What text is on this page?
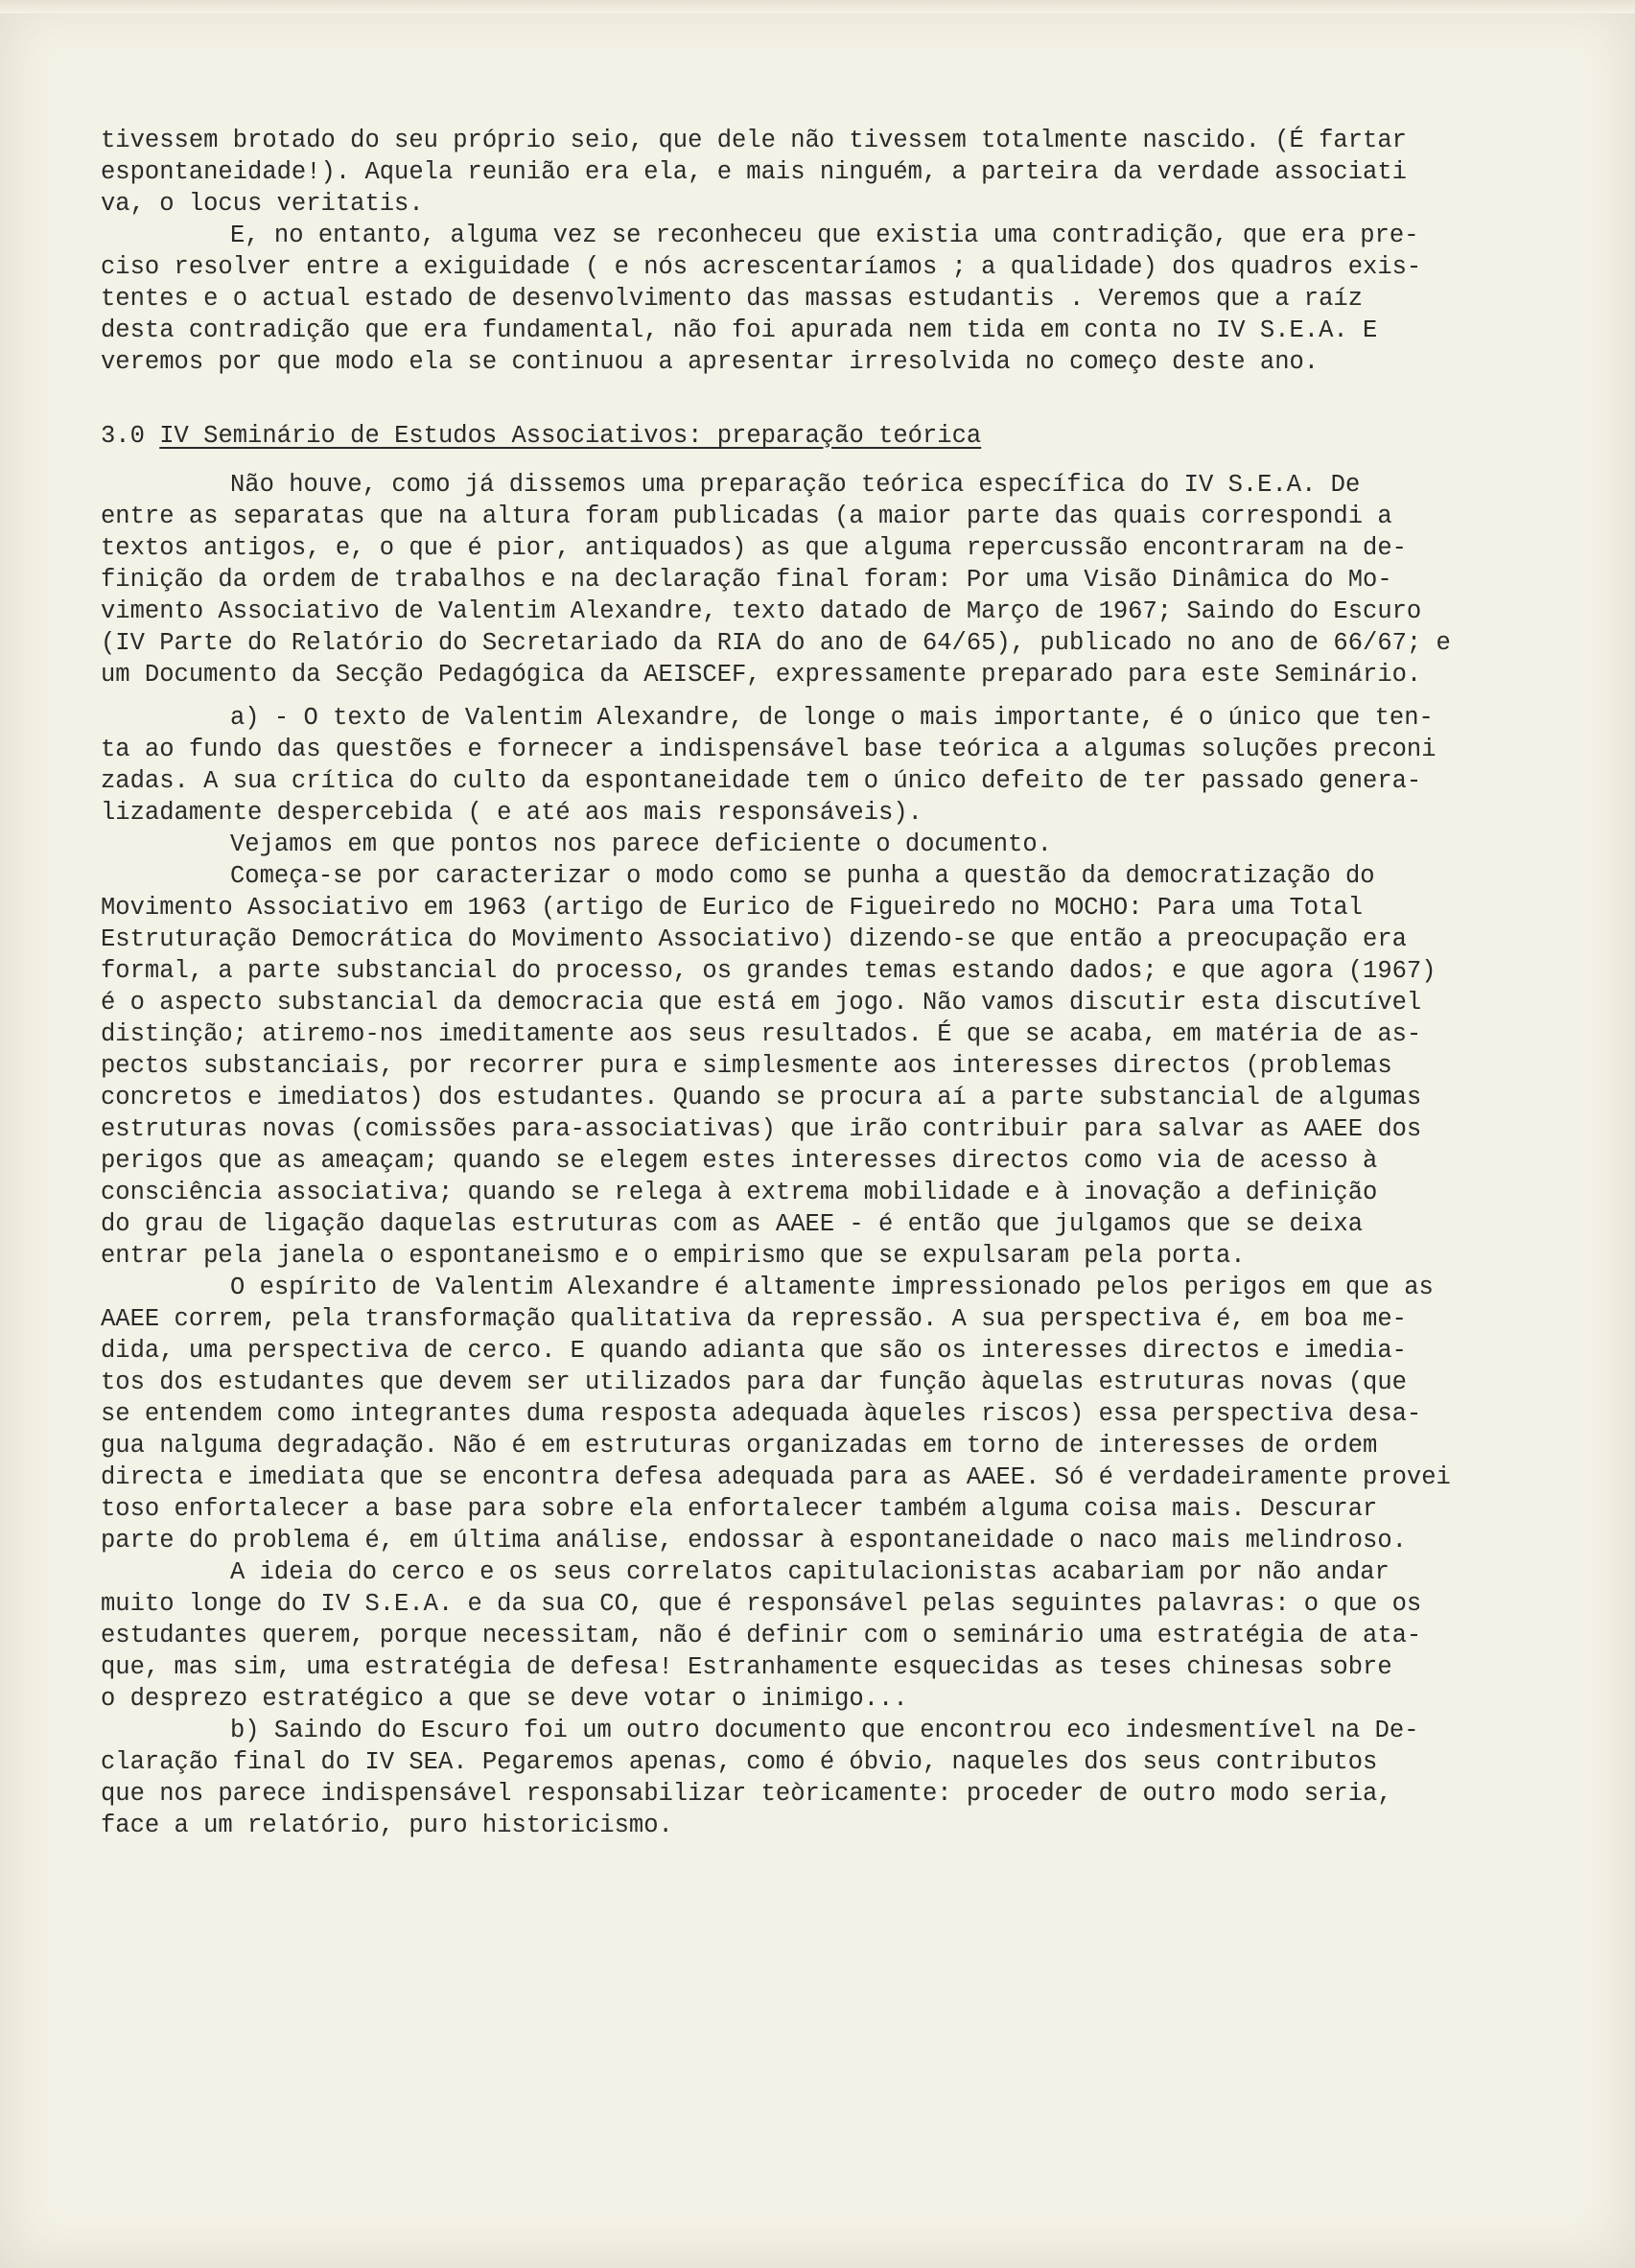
tivessem brotado do seu próprio seio, que dele não tivessem totalmente nascido. (É fartar
espontaneidade!). Aquela reunião era ela, e mais ninguém, a parteira da verdade associati
va, o locus veritatis.
E, no entanto, alguma vez se reconheceu que existia uma contradição, que era pre-
ciso resolver entre a exiguidade ( e nós acrescentaríamos ; a qualidade) dos quadros exis-
tentes e o actual estado de desenvolvimento das massas estudantis . Veremos que a raíz
desta contradição que era fundamental, não foi apurada nem tida em conta no IV S.E.A. E
veremos por que modo ela se continuou a apresentar irresolvida no começo deste ano.
3.0 IV Seminário de Estudos Associativos: preparação teórica
Não houve, como já dissemos uma preparação teórica específica do IV S.E.A. De
entre as separatas que na altura foram publicadas (a maior parte das quais correspondi a
textos antigos, e, o que é pior, antiquados) as que alguma repercussão encontraram na de-
finição da ordem de trabalhos e na declaração final foram: Por uma Visão Dinâmica do Mo-
vimento Associativo de Valentim Alexandre, texto datado de Março de 1967; Saindo do Escuro
(IV Parte do Relatório do Secretariado da RIA do ano de 64/65), publicado no ano de 66/67; e
um Documento da Secção Pedagógica da AEISCEF, expressamente preparado para este Seminário.
a) - O texto de Valentim Alexandre, de longe o mais importante, é o único que ten-
ta ao fundo das questões e fornecer a indispensável base teórica a algumas soluções preconi
zadas. A sua crítica do culto da espontaneidade tem o único defeito de ter passado genera-
lizadamente despercebida ( e até aos mais responsáveis).
Vejamos em que pontos nos parece deficiente o documento.
Começa-se por caracterizar o modo como se punha a questão da democratização do
Movimento Associativo em 1963 (artigo de Eurico de Figueiredo no MOCHO: Para uma Total
Estruturação Democrática do Movimento Associativo) dizendo-se que então a preocupação era
formal, a parte substancial do processo, os grandes temas estando dados; e que agora (1967)
é o aspecto substancial da democracia que está em jogo. Não vamos discutir esta discutível
distinção; atiremo-nos imeditamente aos seus resultados. É que se acaba, em matéria de as-
pectos substanciais, por recorrer pura e simplesmente aos interesses directos (problemas
concretos e imediatos) dos estudantes. Quando se procura aí a parte substancial de algumas
estruturas novas (comissões para-associativas) que irão contribuir para salvar as AAEE dos
perigos que as ameaçam; quando se elegem estes interesses directos como via de acesso à
consciência associativa; quando se relega à extrema mobilidade e à inovação a definição
do grau de ligação daquelas estruturas com as AAEE - é então que julgamos que se deixa
entrar pela janela o espontaneismo e o empirismo que se expulsaram pela porta.
O espírito de Valentim Alexandre é altamente impressionado pelos perigos em que as
AAEE correm, pela transformação qualitativa da repressão. A sua perspectiva é, em boa me-
dida, uma perspectiva de cerco. E quando adianta que são os interesses directos e imedia-
tos dos estudantes que devem ser utilizados para dar função àquelas estruturas novas (que
se entendem como integrantes duma resposta adequada àqueles riscos) essa perspectiva desa-
gua nalguma degradação. Não é em estruturas organizadas em torno de interesses de ordem
directa e imediata que se encontra defesa adequada para as AAEE. Só é verdadeiramente provei
toso enfortalecer a base para sobre ela enfortalecer também alguma coisa mais. Descurar
parte do problema é, em última análise, endossar à espontaneidade o naco mais melindroso.
A ideia do cerco e os seus correlatos capitulacionistas acabariam por não andar
muito longe do IV S.E.A. e da sua CO, que é responsável pelas seguintes palavras: o que os
estudantes querem, porque necessitam, não é definir com o seminário uma estratégia de ata-
que, mas sim, uma estratégia de defesa! Estranhamente esquecidas as teses chinesas sobre
o desprezo estratégico a que se deve votar o inimigo...
b) Saindo do Escuro foi um outro documento que encontrou eco indesmentível na De-
claração final do IV SEA. Pegaremos apenas, como é óbvio, naqueles dos seus contributos
que nos parece indispensável responsabilizar teòricamente: proceder de outro modo seria,
face a um relatório, puro historicismo.
